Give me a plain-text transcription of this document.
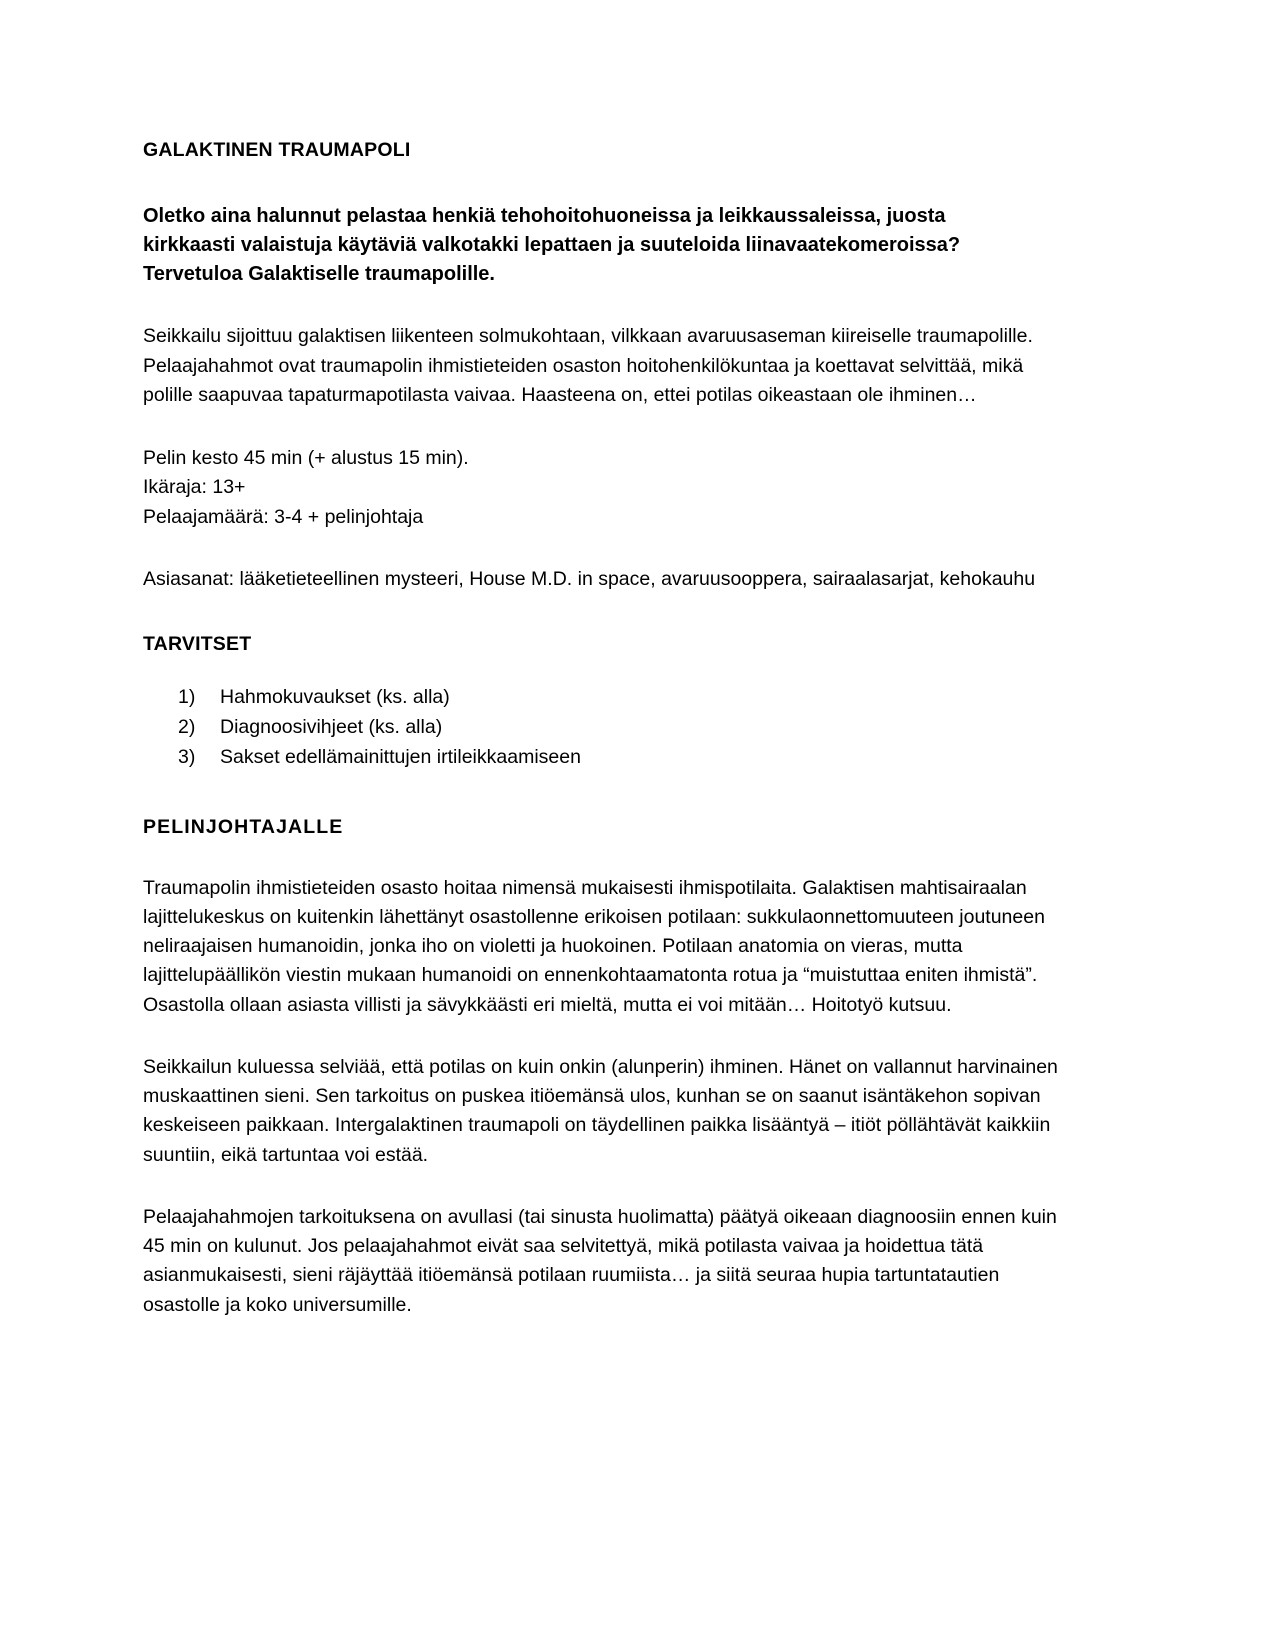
GALAKTINEN TRAUMAPOLI

Oletko aina halunnut pelastaa henkiä tehohoitohuoneissa ja leikkaussaleissa, juosta kirkkaasti valaistuja käytäviä valkotakki lepattaen ja suuteloida liinavaatekomeroissa? Tervetuloa Galaktiselle traumapolille.

Seikkailu sijoittuu galaktisen liikenteen solmukohtaan, vilkkaan avaruusaseman kiireiselle traumapolille. Pelaajahahmot ovat traumapolin ihmistieteiden osaston hoitohenkilökuntaa ja koettavat selvittää, mikä polille saapuvaa tapaturmapotilasta vaivaa. Haasteena on, ettei potilas oikeastaan ole ihminen…

Pelin kesto 45 min (+ alustus 15 min).
Ikäraja: 13+
Pelaajamäärä: 3-4 + pelinjohtaja

Asiasanat: lääketieteellinen mysteeri, House M.D. in space, avaruusooppera, sairaalasarjat, kehokauhu

TARVITSET
1)	Hahmokuvaukset (ks. alla)
2)	Diagnoosivihjeet (ks. alla)
3)	Sakset edellämainittujen irtileikkaamiseen
PELINJOHTAJALLE

Traumapolin ihmistieteiden osasto hoitaa nimensä mukaisesti ihmispotilaita. Galaktisen mahtisairaalan lajittelukeskus on kuitenkin lähettänyt osastollenne erikoisen potilaan: sukkulaonnettomuuteen joutuneen neliraajaisen humanoidin, jonka iho on violetti ja huokoinen. Potilaan anatomia on vieras, mutta lajittelupäällikön viestin mukaan humanoidi on ennenkohtaamatonta rotua ja “muistuttaa eniten ihmistä”. Osastolla ollaan asiasta villisti ja sävykkäästi eri mieltä, mutta ei voi mitään… Hoitotyö kutsuu.

Seikkailun kuluessa selviää, että potilas on kuin onkin (alunperin) ihminen. Hänet on vallannut harvinainen muskaattinen sieni. Sen tarkoitus on puskea itiöemänsä ulos, kunhan se on saanut isäntäkehon sopivan keskeiseen paikkaan. Intergalaktinen traumapoli on täydellinen paikka lisääntyä – itiöt pöllähtävät kaikkiin suuntiin, eikä tartuntaa voi estää.

Pelaajahahmojen tarkoituksena on avullasi (tai sinusta huolimatta) päätyä oikeaan diagnoosiin ennen kuin 45 min on kulunut. Jos pelaajahahmot eivät saa selvitettyä, mikä potilasta vaivaa ja hoidettua tätä asianmukaisesti, sieni räjäyttää itiöemänsä potilaan ruumiista… ja siitä seuraa hupia tartuntatautien osastolle ja koko universumille.
